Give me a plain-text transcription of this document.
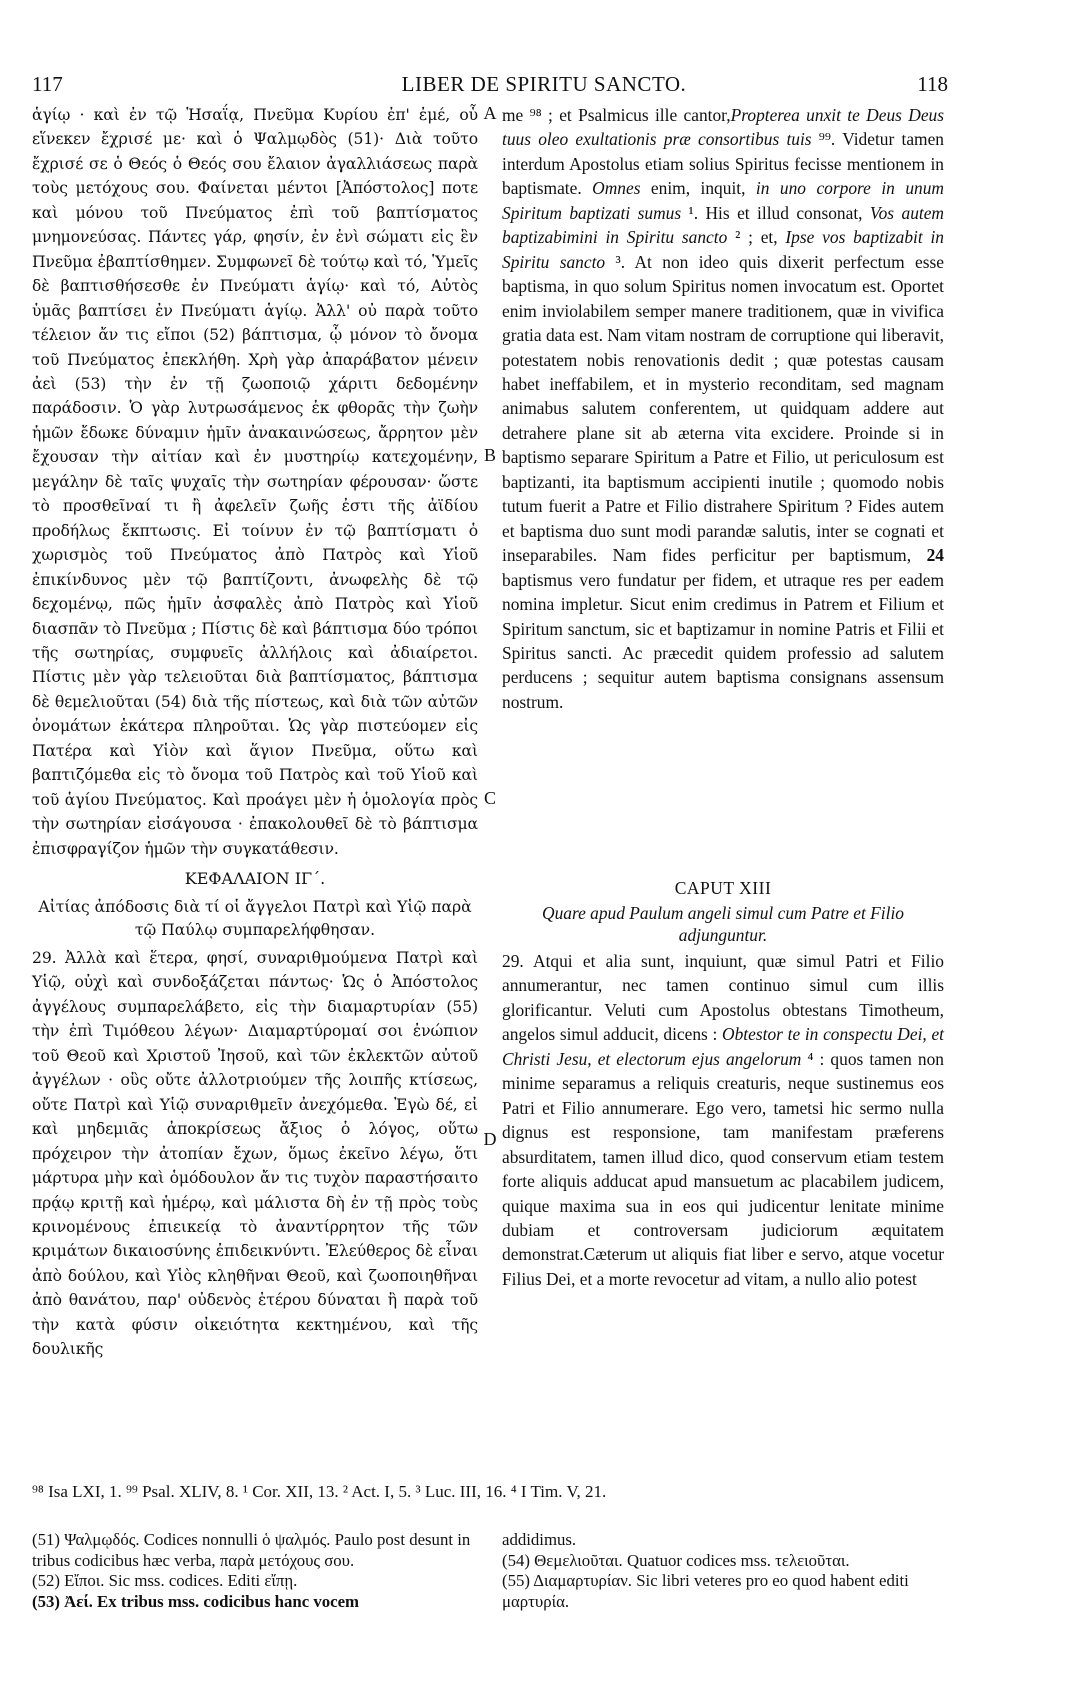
117	LIBER DE SPIRITU SANCTO.	118
A
B
C
D

ἁγίῳ · καὶ ἐν τῷ Ἡσαΐᾳ, Πνεῦμα Κυρίου ἐπ' ἐμέ, οὗ εἵνεκεν ἔχρισέ με· καὶ ὁ Ψαλμῳδὸς (51)· Διὰ τοῦτο ἔχρισέ σε ὁ Θεός ὁ Θεός σου ἔλαιον ἀγαλλιάσεως παρὰ τοὺς μετόχους σου. Φαίνεται μέντοι [Ἀπόστολος] ποτε καὶ μόνου τοῦ Πνεύματος ἐπὶ τοῦ βαπτίσματος μνημονεύσας. Πάντες γάρ, φησίν, ἐν ἑνὶ σώματι εἰς ἓν Πνεῦμα ἐβαπτίσθημεν. Συμφωνεῖ δὲ τούτῳ καὶ τό, Ὑμεῖς δὲ βαπτισθήσεσθε ἐν Πνεύματι ἁγίῳ· καὶ τό, Αὐτὸς ὑμᾶς βαπτίσει ἐν Πνεύματι ἁγίῳ. Ἀλλ' οὐ παρὰ τοῦτο τέλειον ἄν τις εἴποι (52) βάπτισμα, ᾧ μόνον τὸ ὄνομα τοῦ Πνεύματος ἐπεκλήθη. Χρὴ γὰρ ἀπαράβατον μένειν ἀεὶ (53) τὴν ἐν τῇ ζωοποιῷ χάριτι δεδομένην παράδοσιν. Ὁ γὰρ λυτρωσάμενος ἐκ φθορᾶς τὴν ζωὴν ἡμῶν ἔδωκε δύναμιν ἡμῖν ἀνακαινώσεως, ἄρρητον μὲν ἔχουσαν τὴν αἰτίαν καὶ ἐν μυστηρίῳ κατεχομένην, μεγάλην δὲ ταῖς ψυχαῖς τὴν σωτηρίαν φέρουσαν· ὥστε τὸ προσθεῖναί τι ἢ ἀφελεῖν ζωῆς ἐστι τῆς ἀϊδίου προδήλως ἔκπτωσις. Εἰ τοίνυν ἐν τῷ βαπτίσματι ὁ χωρισμὸς τοῦ Πνεύματος ἀπὸ Πατρὸς καὶ Υἱοῦ ἐπικίνδυνος μὲν τῷ βαπτίζοντι, ἀνωφελὴς δὲ τῷ δεχομένῳ, πῶς ἡμῖν ἀσφαλὲς ἀπὸ Πατρὸς καὶ Υἱοῦ διασπᾶν τὸ Πνεῦμα ; Πίστις δὲ καὶ βάπτισμα δύο τρόποι τῆς σωτηρίας, συμφυεῖς ἀλλήλοις καὶ ἀδιαίρετοι. Πίστις μὲν γὰρ τελειοῦται διὰ βαπτίσματος, βάπτισμα δὲ θεμελιοῦται (54) διὰ τῆς πίστεως, καὶ διὰ τῶν αὐτῶν ὀνομάτων ἑκάτερα πληροῦται. Ὡς γὰρ πιστεύομεν εἰς Πατέρα καὶ Υἱὸν καὶ ἅγιον Πνεῦμα, οὕτω καὶ βαπτιζόμεθα εἰς τὸ ὄνομα τοῦ Πατρὸς καὶ τοῦ Υἱοῦ καὶ τοῦ ἁγίου Πνεύματος. Καὶ προάγει μὲν ἡ ὁμολογία πρὸς τὴν σωτηρίαν εἰσάγουσα · ἐπακολουθεῖ δὲ τὸ βάπτισμα ἐπισφραγίζον ἡμῶν τὴν συγκατάθεσιν.

me ⁹⁸ ; et Psalmicus ille cantor,Propterea unxit te Deus Deus tuus oleo exultationis præ consortibus tuis ⁹⁹. Videtur tamen interdum Apostolus etiam solius Spiritus fecisse mentionem in baptismate. Omnes enim, inquit, in uno corpore in unum Spiritum baptizati sumus ¹. His et illud consonat, Vos autem baptizabimini in Spiritu sancto ² ; et, Ipse vos baptizabit in Spiritu sancto ³. At non ideo quis dixerit perfectum esse baptisma, in quo solum Spiritus nomen invocatum est. Oportet enim inviolabilem semper manere traditionem, quæ in vivifica gratia data est. Nam vitam nostram de corruptione qui liberavit, potestatem nobis renovationis dedit ; quæ potestas causam habet ineffabilem, et in mysterio reconditam, sed magnam animabus salutem conferentem, ut quidquam addere aut detrahere plane sit ab æterna vita excidere. Proinde si in baptismo separare Spiritum a Patre et Filio, ut periculosum est baptizanti, ita baptismum accipienti inutile ; quomodo nobis tutum fuerit a Patre et Filio distrahere Spiritum ? Fides autem et baptisma duo sunt modi parandæ salutis, inter se cognati et inseparabiles. Nam fides perficitur per baptismum, 24 baptismus vero fundatur per fidem, et utraque res per eadem nomina impletur. Sicut enim credimus in Patrem et Filium et Spiritum sanctum, sic et baptizamur in nomine Patris et Filii et Spiritus sancti. Ac præcedit quidem professio ad salutem perducens ; sequitur autem baptisma consignans assensum nostrum.

ΚΕΦΑΛΑΙΟΝ ΙΓ΄.	CAPUT XIII
Αἰτίας ἀπόδοσις διὰ τί οἱ ἄγγελοι Πατρὶ καὶ Υἱῷ παρὰ τῷ Παύλῳ συμπαρελήφθησαν.
Quare apud Paulum angeli simul cum Patre et Filio adjunguntur.
29. Ἀλλὰ καὶ ἕτερα, φησί, συναριθμούμενα Πατρὶ καὶ Υἱῷ, οὐχὶ καὶ συνδοξάζεται πάντως· Ὡς ὁ Ἀπόστολος ἀγγέλους συμπαρελάβετο, εἰς τὴν διαμαρτυρίαν (55) τὴν ἐπὶ Τιμόθεου λέγων· Διαμαρτύρομαί σοι ἐνώπιον τοῦ Θεοῦ καὶ Χριστοῦ Ἰησοῦ, καὶ τῶν ἐκλεκτῶν αὐτοῦ ἀγγέλων · οὓς οὔτε ἀλλοτριούμεν τῆς λοιπῆς κτίσεως, οὔτε Πατρὶ καὶ Υἱῷ συναριθμεῖν ἀνεχόμεθα. Ἐγὼ δέ, εἰ καὶ μηδεμιᾶς ἀποκρίσεως ἄξιος ὁ λόγος, οὕτω πρόχειρον τὴν ἀτοπίαν ἔχων, ὅμως ἐκεῖνο λέγω, ὅτι μάρτυρα μὴν καὶ ὁμόδουλον ἄν τις τυχὸν παραστήσαιτο πρᾴῳ κριτῇ καὶ ἡμέρῳ, καὶ μάλιστα δὴ ἐν τῇ πρὸς τοὺς κρινομένους ἐπιεικείᾳ τὸ ἀναντίρρητον τῆς τῶν κριμάτων δικαιοσύνης ἐπιδεικνύντι. Ἐλεύθερος δὲ εἶναι ἀπὸ δούλου, καὶ Υἱὸς κληθῆναι Θεοῦ, καὶ ζωοποιηθῆναι ἀπὸ θανάτου, παρ' οὐδενὸς ἑτέρου δύναται ἢ παρὰ τοῦ τὴν κατὰ φύσιν οἰκειότητα κεκτημένου, καὶ τῆς δουλικῆς
29. Atqui et alia sunt, inquiunt, quæ simul Patri et Filio annumerantur, nec tamen continuo simul cum illis glorificantur. Veluti cum Apostolus obtestans Timotheum, angelos simul adducit, dicens : Obtestor te in conspectu Dei, et Christi Jesu, et electorum ejus angelorum ⁴ : quos tamen non minime separamus a reliquis creaturis, neque sustinemus eos Patri et Filio annumerare. Ego vero, tametsi hic sermo nulla dignus est responsione, tam manifestam præferens absurditatem, tamen illud dico, quod conservum etiam testem forte aliquis adducat apud mansuetum ac placabilem judicem, quique maxima sua in eos qui judicentur lenitate minime dubiam et controversam judiciorum æquitatem demonstrat.Cæterum ut aliquis fiat liber e servo, atque vocetur Filius Dei, et a morte revocetur ad vitam, a nullo alio potest
⁹⁸ Isa LXI, 1. ⁹⁹ Psal. XLIV, 8. ¹ Cor. XII, 13. ² Act. I, 5. ³ Luc. III, 16. ⁴ I Tim. V, 21.

(51) Ψαλμῳδός. Codices nonnulli ὁ ψαλμός. Paulo post desunt in tribus codicibus hæc verba, παρὰ μετόχους σου.

(52) Εἴποι. Sic mss. codices. Editi εἴπῃ.

(53) Ἀεί. Ex tribus mss. codicibus hanc vocem

addidimus.

(54) Θεμελιοῦται. Quatuor codices mss. τελειοῦται.

(55) Διαμαρτυρίαν. Sic libri veteres pro eo quod habent editi μαρτυρία.
